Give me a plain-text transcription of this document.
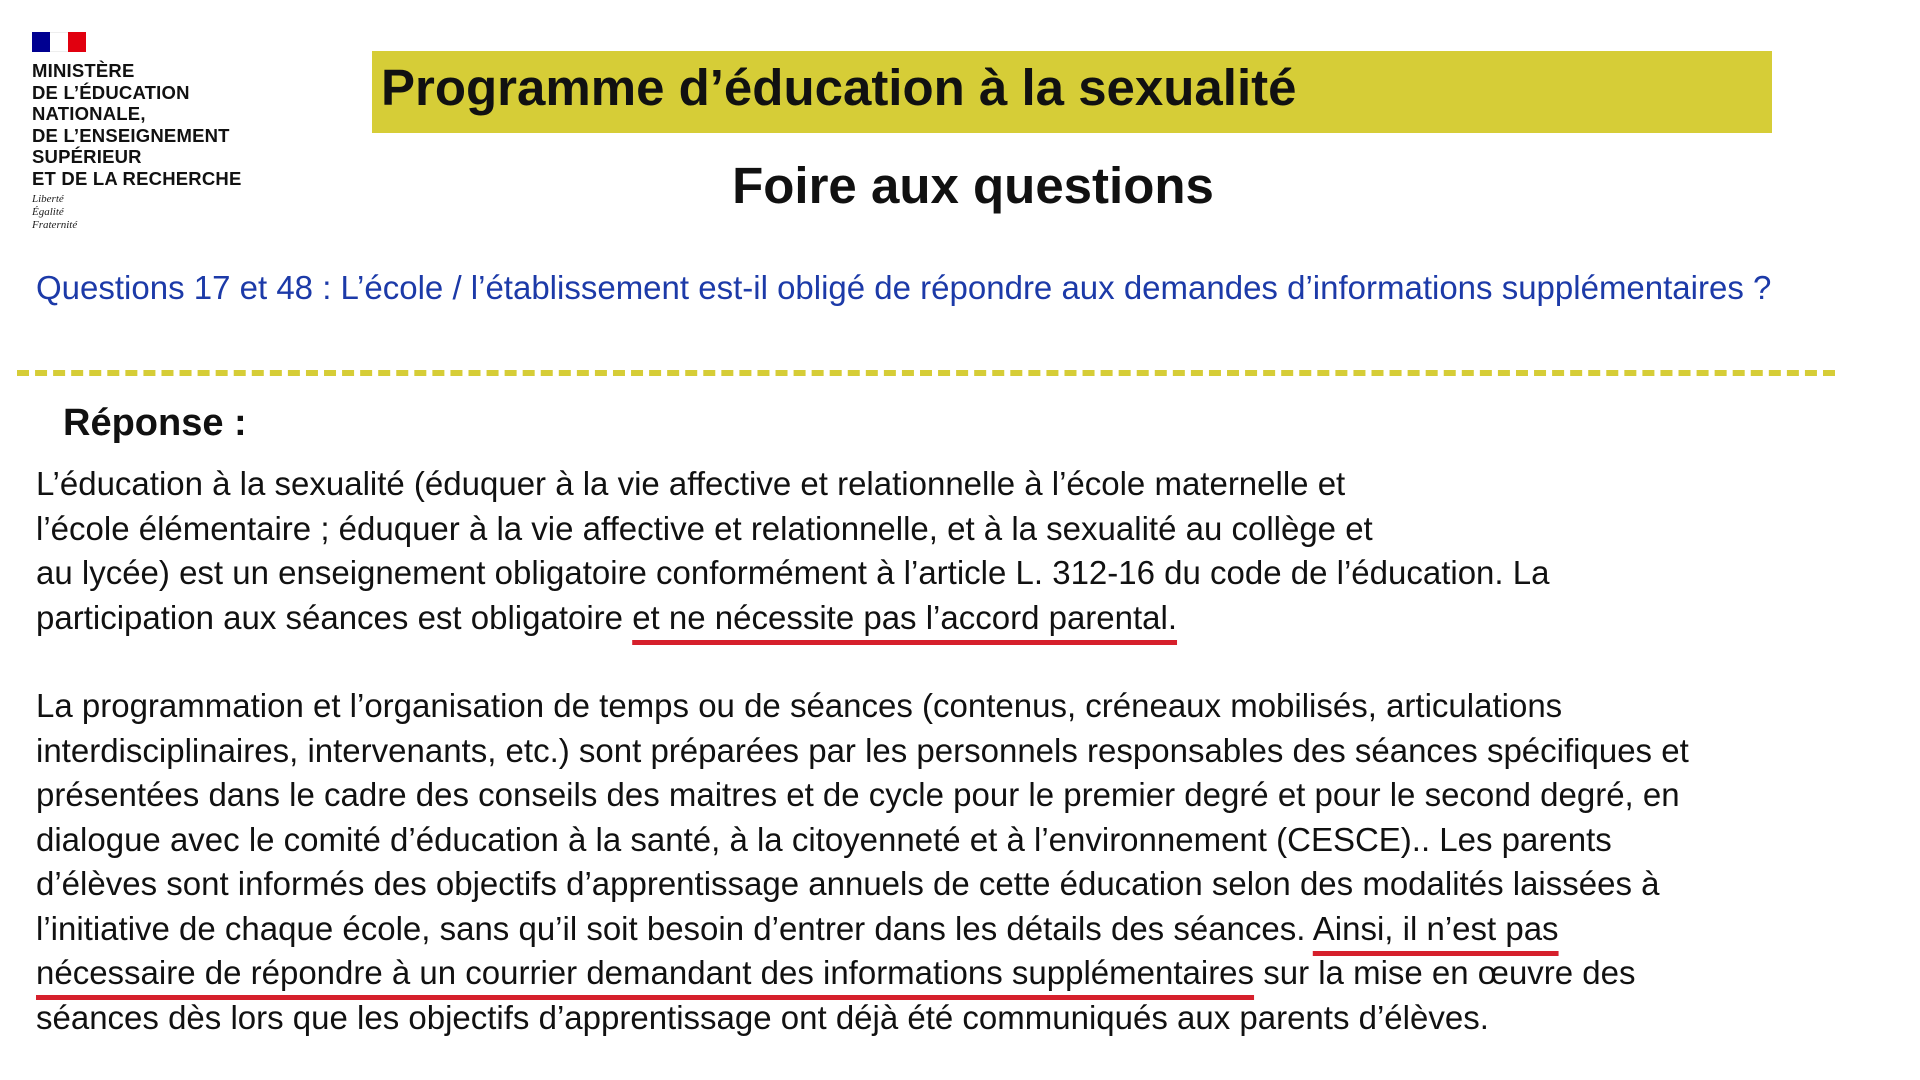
MINISTÈRE
DE L’ÉDUCATION
NATIONALE,
DE L’ENSEIGNEMENT
SUPÉRIEUR
ET DE LA RECHERCHE
Liberté
Égalité
Fraternité
Programme d’éducation à la sexualité
Foire aux questions
Questions 17 et 48 : L’école / l’établissement est-il obligé de répondre aux demandes d’informations supplémentaires ?
Réponse :
L’éducation à la sexualité (éduquer à la vie affective et relationnelle à l’école maternelle et
l’école élémentaire ; éduquer à la vie affective et relationnelle, et à la sexualité au collège et
au lycée) est un enseignement obligatoire conformément à l’article L. 312-16 du code de l’éducation. La
participation aux séances est obligatoire et ne nécessite pas l’accord parental.
La programmation et l’organisation de temps ou de séances (contenus, créneaux mobilisés, articulations
interdisciplinaires, intervenants, etc.) sont préparées par les personnels responsables des séances spécifiques et
présentées dans le cadre des conseils des maitres et de cycle pour le premier degré et pour le second degré, en
dialogue avec le comité d’éducation à la santé, à la citoyenneté et à l’environnement (CESCE).. Les parents
d’élèves sont informés des objectifs d’apprentissage annuels de cette éducation selon des modalités laissées à
l’initiative de chaque école, sans qu’il soit besoin d’entrer dans les détails des séances. Ainsi, il n’est pas
nécessaire de répondre à un courrier demandant des informations supplémentaires sur la mise en œuvre des
séances dès lors que les objectifs d’apprentissage ont déjà été communiqués aux parents d’élèves.
